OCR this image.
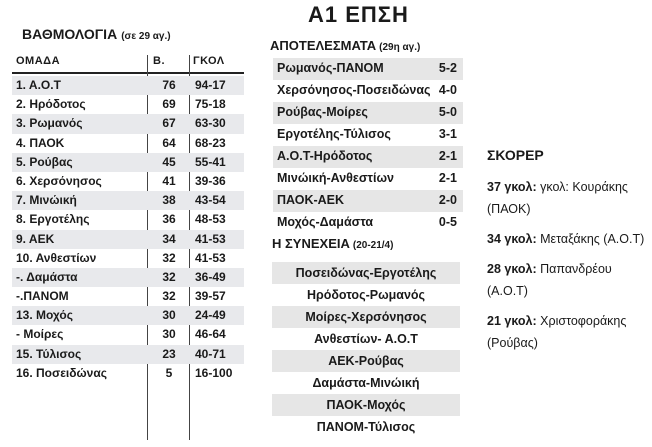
ΒΑΘΜΟΛΟΓΙΑ (σε 29 αγ.)
ΟΜΑΔΑ	Β.	ΓΚΟΛ
1. Α.Ο.Τ	76	94-17
2. Ηρόδοτος	69	75-18
3. Ρωμανός	67	63-30
4. ΠΑΟΚ	64	68-23
5. Ρούβας	45	55-41
6. Χερσόνησος	41	39-36
7. Μινώική	38	43-54
8. Εργοτέλης	36	48-53
9. ΑΕΚ	34	41-53
10. Ανθεστίων	32	41-53
-. Δαμάστα	32	36-49
-.ΠΑΝΟΜ	32	39-57
13. Μοχός	30	24-49
- Μοίρες	30	46-64
15. Τύλισος	23	40-71
16. Ποσειδώνας	5	16-100
Α1 ΕΠΣΗ
ΑΠΟΤΕΛΕΣΜΑΤΑ (29η αγ.)
Ρωμανός-ΠΑΝΟΜ	5-2
Χερσόνησος-Ποσειδώνας 4-0
Ρούβας-Μοίρες	5-0
Εργοτέλης-Τύλισος	3-1
Α.Ο.Τ-Ηρόδοτος	2-1
Μινώική-Ανθεστίων	2-1
ΠΑΟΚ-ΑΕΚ	2-0
Μοχός-Δαμάστα	0-5
Η ΣΥΝΕΧΕΙΑ (20-21/4)
Ποσειδώνας-Εργοτέλης
Ηρόδοτος-Ρωμανός
Μοίρες-Χερσόνησος
Ανθεστίων- Α.Ο.Τ
ΑΕΚ-Ρούβας
Δαμάστα-Μινώική
ΠΑΟΚ-Μοχός
ΠΑΝΟΜ-Τύλισος
ΣΚΟΡΕΡ
37 γκολ: γκολ: Κουράκης (ΠΑΟΚ)
34 γκολ: Μεταξάκης (Α.Ο.Τ)
28 γκολ: Παπανδρέου (Α.Ο.Τ)
21 γκολ: Χριστοφοράκης (Ρούβας)
